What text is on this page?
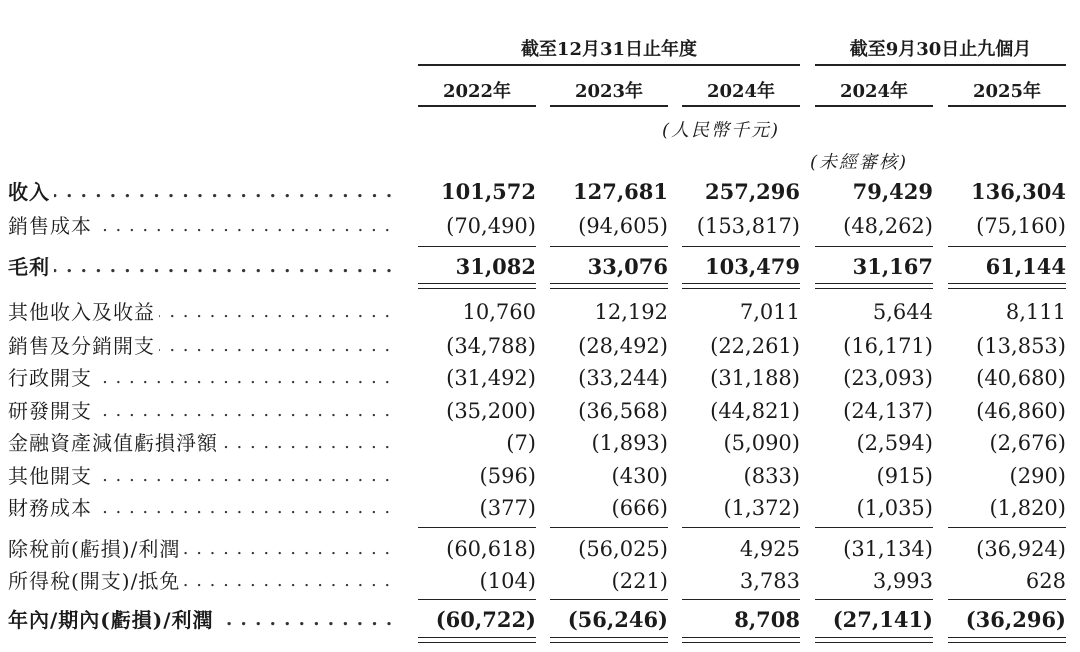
截至12月31日止年度	截至9月30日止九個月
2022年	2023年	2024年	2024年	2025年
(人民幣千元)
(未經審核)
收入 . . .	101,572	127,681	257,296	79,429	136,304
銷售成本 . . .	(70,490)	(94,605)	(153,817)	(48,262)	(75,160)
毛利 . . .	31,082	33,076	103,479	31,167	61,144
其他收入及收益 . . .	10,760	12,192	7,011	5,644	8,111
銷售及分銷開支 . . .	(34,788)	(28,492)	(22,261)	(16,171)	(13,853)
行政開支 . . .	(31,492)	(33,244)	(31,188)	(23,093)	(40,680)
研發開支 . . .	(35,200)	(36,568)	(44,821)	(24,137)	(46,860)
金融資產減值虧損淨額 . . .	(7)	(1,893)	(5,090)	(2,594)	(2,676)
其他開支 . . .	(596)	(430)	(833)	(915)	(290)
財務成本 . . .	(377)	(666)	(1,372)	(1,035)	(1,820)
除稅前(虧損)/利潤 . . .	(60,618)	(56,025)	4,925	(31,134)	(36,924)
所得稅(開支)/抵免 . . .	(104)	(221)	3,783	3,993	628
年內/期內(虧損)/利潤 . . .	(60,722)	(56,246)	8,708	(27,141)	(36,296)
